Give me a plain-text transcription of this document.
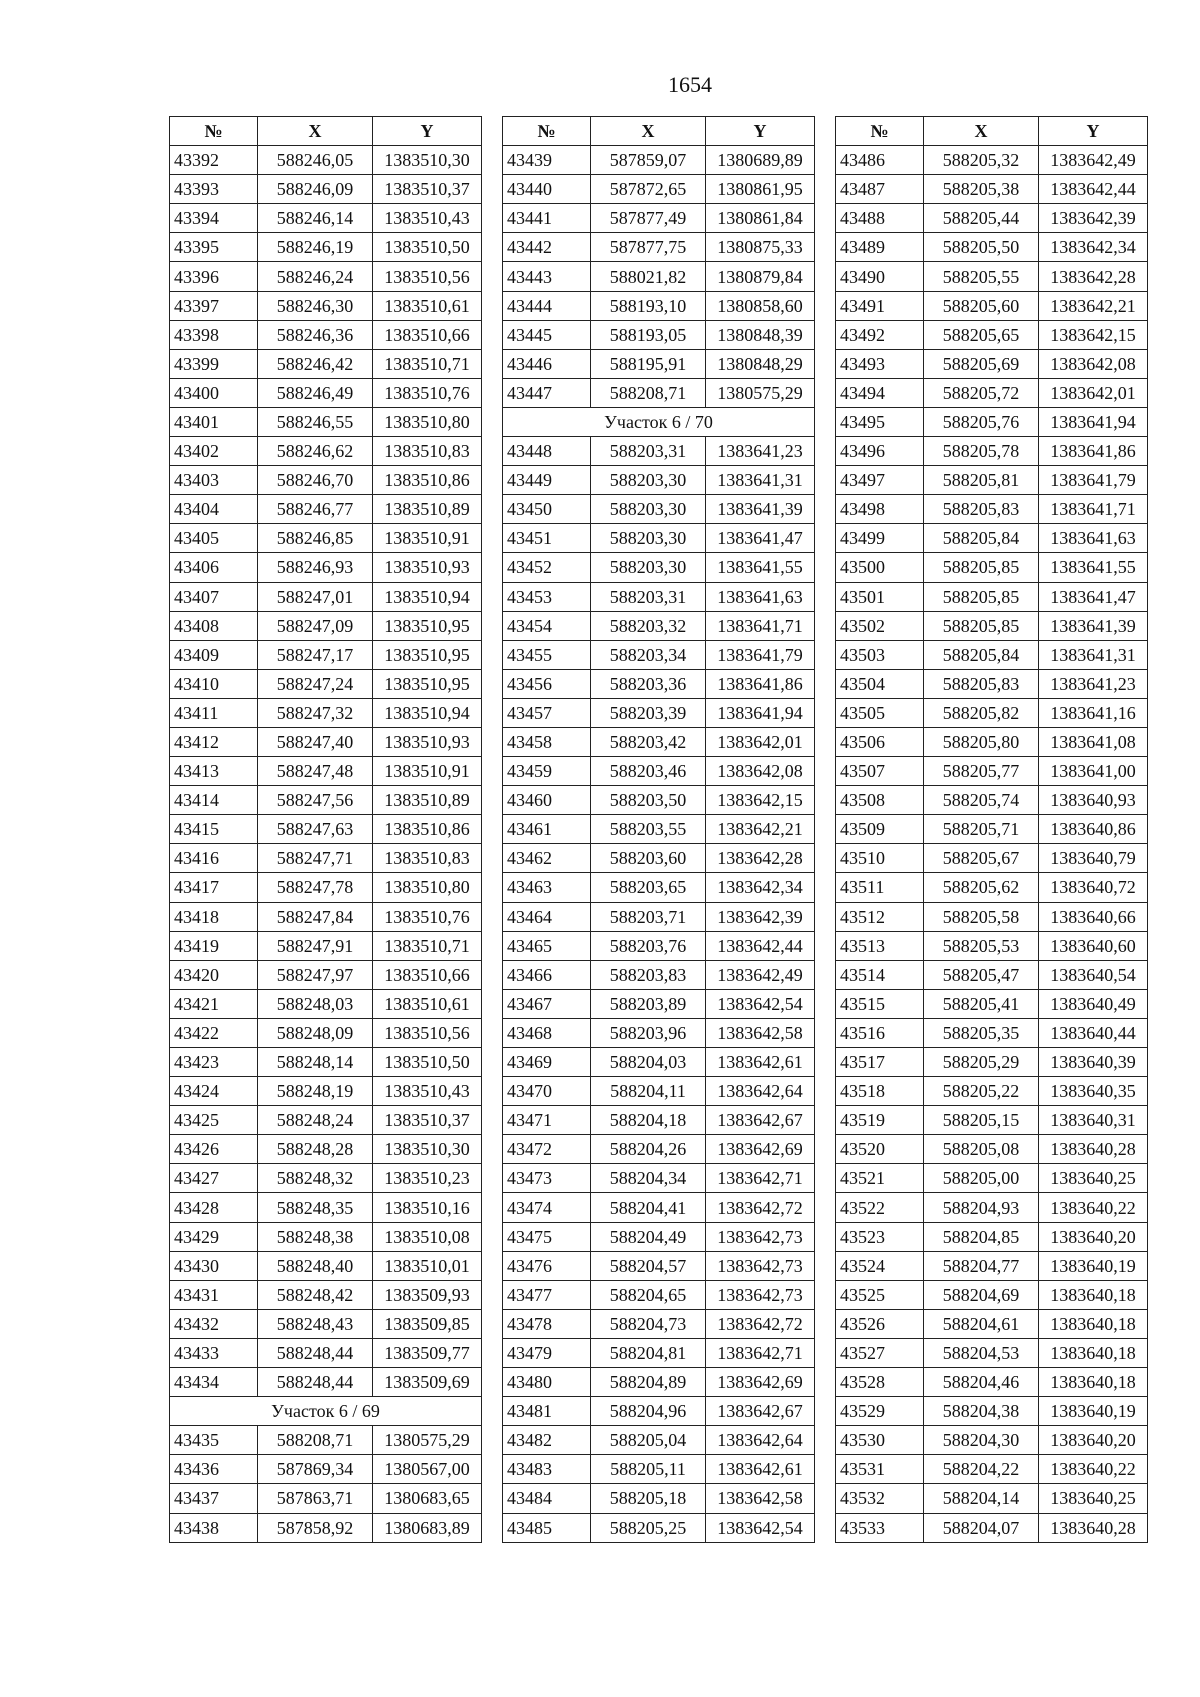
1654
№	X	Y
43392	588246,05	1383510,30
43393	588246,09	1383510,37
43394	588246,14	1383510,43
43395	588246,19	1383510,50
43396	588246,24	1383510,56
43397	588246,30	1383510,61
43398	588246,36	1383510,66
43399	588246,42	1383510,71
43400	588246,49	1383510,76
43401	588246,55	1383510,80
43402	588246,62	1383510,83
43403	588246,70	1383510,86
43404	588246,77	1383510,89
43405	588246,85	1383510,91
43406	588246,93	1383510,93
43407	588247,01	1383510,94
43408	588247,09	1383510,95
43409	588247,17	1383510,95
43410	588247,24	1383510,95
43411	588247,32	1383510,94
43412	588247,40	1383510,93
43413	588247,48	1383510,91
43414	588247,56	1383510,89
43415	588247,63	1383510,86
43416	588247,71	1383510,83
43417	588247,78	1383510,80
43418	588247,84	1383510,76
43419	588247,91	1383510,71
43420	588247,97	1383510,66
43421	588248,03	1383510,61
43422	588248,09	1383510,56
43423	588248,14	1383510,50
43424	588248,19	1383510,43
43425	588248,24	1383510,37
43426	588248,28	1383510,30
43427	588248,32	1383510,23
43428	588248,35	1383510,16
43429	588248,38	1383510,08
43430	588248,40	1383510,01
43431	588248,42	1383509,93
43432	588248,43	1383509,85
43433	588248,44	1383509,77
43434	588248,44	1383509,69
Участок 6 / 69		
43435	588208,71	1380575,29
43436	587869,34	1380567,00
43437	587863,71	1380683,65
43438	587858,92	1380683,89
№	X	Y
43439	587859,07	1380689,89
43440	587872,65	1380861,95
43441	587877,49	1380861,84
43442	587877,75	1380875,33
43443	588021,82	1380879,84
43444	588193,10	1380858,60
43445	588193,05	1380848,39
43446	588195,91	1380848,29
43447	588208,71	1380575,29
Участок 6 / 70		
43448	588203,31	1383641,23
43449	588203,30	1383641,31
43450	588203,30	1383641,39
43451	588203,30	1383641,47
43452	588203,30	1383641,55
43453	588203,31	1383641,63
43454	588203,32	1383641,71
43455	588203,34	1383641,79
43456	588203,36	1383641,86
43457	588203,39	1383641,94
43458	588203,42	1383642,01
43459	588203,46	1383642,08
43460	588203,50	1383642,15
43461	588203,55	1383642,21
43462	588203,60	1383642,28
43463	588203,65	1383642,34
43464	588203,71	1383642,39
43465	588203,76	1383642,44
43466	588203,83	1383642,49
43467	588203,89	1383642,54
43468	588203,96	1383642,58
43469	588204,03	1383642,61
43470	588204,11	1383642,64
43471	588204,18	1383642,67
43472	588204,26	1383642,69
43473	588204,34	1383642,71
43474	588204,41	1383642,72
43475	588204,49	1383642,73
43476	588204,57	1383642,73
43477	588204,65	1383642,73
43478	588204,73	1383642,72
43479	588204,81	1383642,71
43480	588204,89	1383642,69
43481	588204,96	1383642,67
43482	588205,04	1383642,64
43483	588205,11	1383642,61
43484	588205,18	1383642,58
43485	588205,25	1383642,54
№	X	Y
43486	588205,32	1383642,49
43487	588205,38	1383642,44
43488	588205,44	1383642,39
43489	588205,50	1383642,34
43490	588205,55	1383642,28
43491	588205,60	1383642,21
43492	588205,65	1383642,15
43493	588205,69	1383642,08
43494	588205,72	1383642,01
43495	588205,76	1383641,94
43496	588205,78	1383641,86
43497	588205,81	1383641,79
43498	588205,83	1383641,71
43499	588205,84	1383641,63
43500	588205,85	1383641,55
43501	588205,85	1383641,47
43502	588205,85	1383641,39
43503	588205,84	1383641,31
43504	588205,83	1383641,23
43505	588205,82	1383641,16
43506	588205,80	1383641,08
43507	588205,77	1383641,00
43508	588205,74	1383640,93
43509	588205,71	1383640,86
43510	588205,67	1383640,79
43511	588205,62	1383640,72
43512	588205,58	1383640,66
43513	588205,53	1383640,60
43514	588205,47	1383640,54
43515	588205,41	1383640,49
43516	588205,35	1383640,44
43517	588205,29	1383640,39
43518	588205,22	1383640,35
43519	588205,15	1383640,31
43520	588205,08	1383640,28
43521	588205,00	1383640,25
43522	588204,93	1383640,22
43523	588204,85	1383640,20
43524	588204,77	1383640,19
43525	588204,69	1383640,18
43526	588204,61	1383640,18
43527	588204,53	1383640,18
43528	588204,46	1383640,18
43529	588204,38	1383640,19
43530	588204,30	1383640,20
43531	588204,22	1383640,22
43532	588204,14	1383640,25
43533	588204,07	1383640,28
